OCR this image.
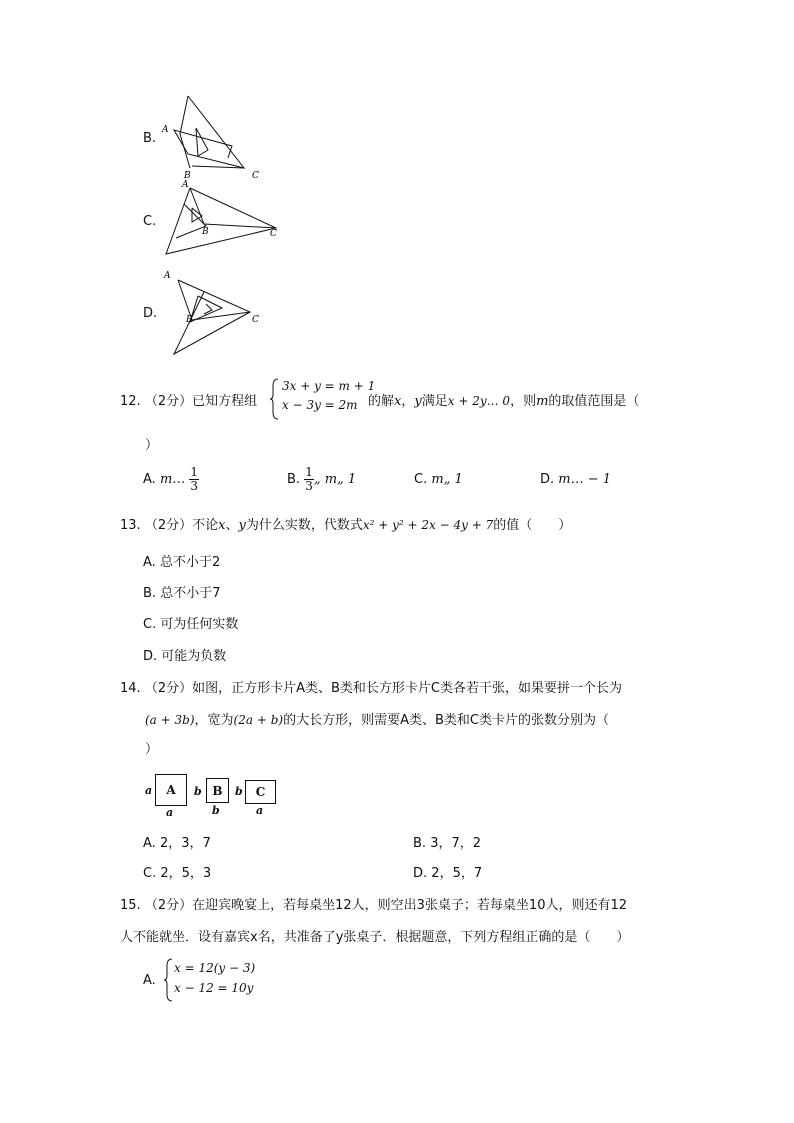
B.
A
B	C
C.
A
B	C
D.
A
B	C
12. （2分）已知方程组
3x + y = m + 1
x − 3y = 2m 的解x，y满足x + 2y… 0，则m的取值范围是（
）
A. m… $\frac{1}{3}$	B. $\frac{1}{3}$ „ m„ 1	C. m„ 1	D. m… − 1
13. （2分）不论x、y为什么实数，代数式x² + y² + 2x − 4y + 7的值（　　）
A. 总不小于2
B. 总不小于7
C. 可为任何实数
D. 可能为负数
14. （2分）如图，正方形卡片A类、B类和长方形卡片C类各若干张，如果要拼一个长为
(a + 3b)，宽为(2a + b)的大长方形，则需要A类、B类和C类卡片的张数分别为（
）
a	A
a
b B
b
b	C
a
A. 2，3，7	B. 3，7，2
C. 2，5，3	D. 2，5，7
15. （2分）在迎宾晚宴上，若每桌坐12人，则空出3张桌子；若每桌坐10人，则还有12
人不能就坐．设有嘉宾x名，共准备了y张桌子．根据题意，下列方程组正确的是（　　）
A.
x = 12(y − 3)
x − 12 = 10y
